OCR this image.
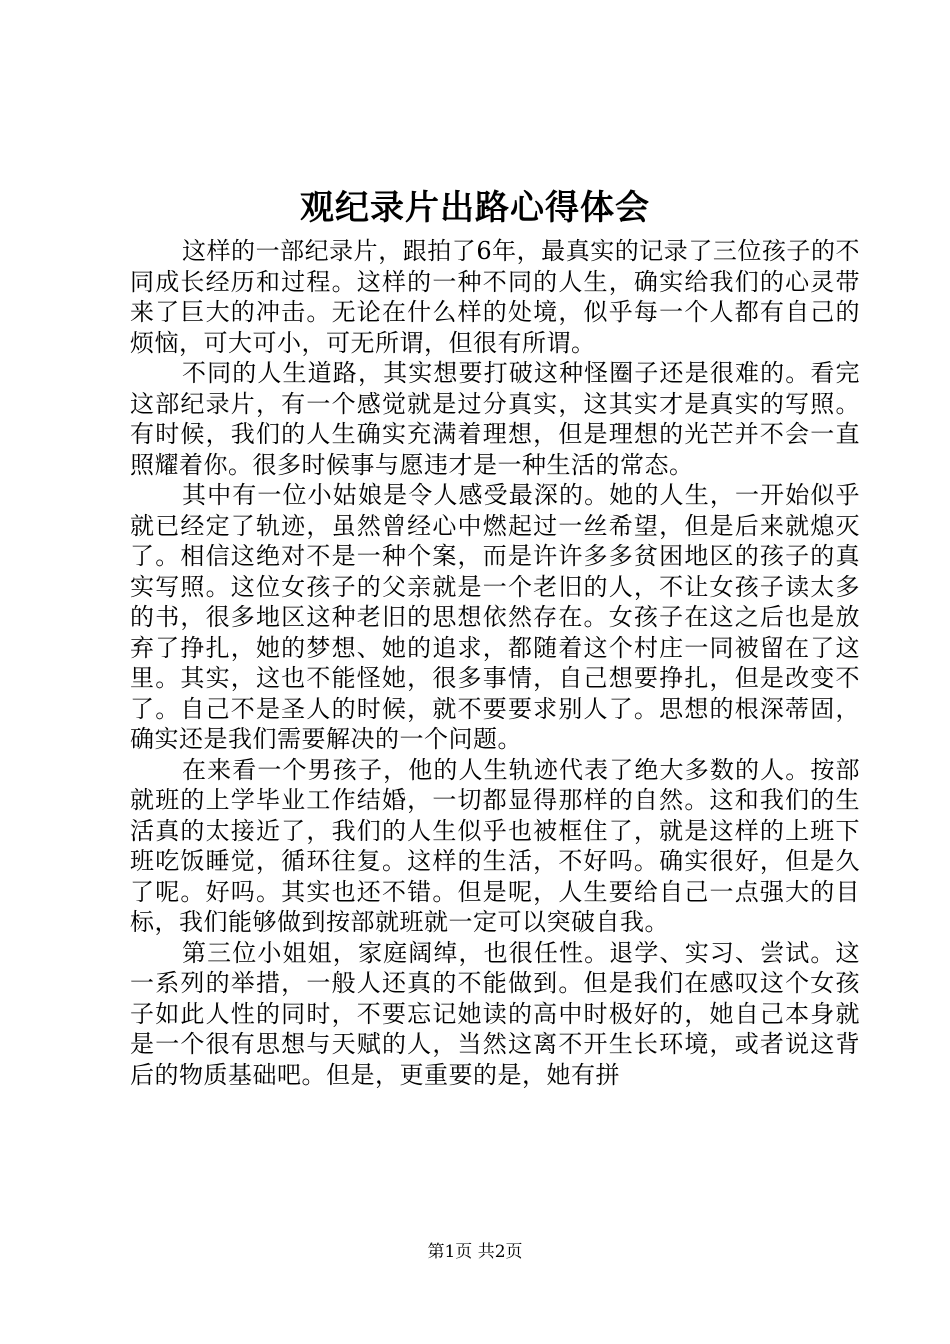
观纪录片出路心得体会

这样的一部纪录片，跟拍了6年，最真实的记录了三位孩子的不同成长经历和过程。这样的一种不同的人生，确实给我们的心灵带来了巨大的冲击。无论在什么样的处境，似乎每一个人都有自己的烦恼，可大可小，可无所谓，但很有所谓。

不同的人生道路，其实想要打破这种怪圈子还是很难的。看完这部纪录片，有一个感觉就是过分真实，这其实才是真实的写照。有时候，我们的人生确实充满着理想，但是理想的光芒并不会一直照耀着你。很多时候事与愿违才是一种生活的常态。

其中有一位小姑娘是令人感受最深的。她的人生，一开始似乎就已经定了轨迹，虽然曾经心中燃起过一丝希望，但是后来就熄灭了。相信这绝对不是一种个案，而是许许多多贫困地区的孩子的真实写照。这位女孩子的父亲就是一个老旧的人，不让女孩子读太多的书，很多地区这种老旧的思想依然存在。女孩子在这之后也是放弃了挣扎，她的梦想、她的追求，都随着这个村庄一同被留在了这里。其实，这也不能怪她，很多事情，自己想要挣扎，但是改变不了。自己不是圣人的时候，就不要要求别人了。思想的根深蒂固，确实还是我们需要解决的一个问题。

在来看一个男孩子，他的人生轨迹代表了绝大多数的人。按部就班的上学毕业工作结婚，一切都显得那样的自然。这和我们的生活真的太接近了，我们的人生似乎也被框住了，就是这样的上班下班吃饭睡觉，循环往复。这样的生活，不好吗。确实很好，但是久了呢。好吗。其实也还不错。但是呢，人生要给自己一点强大的目标，我们能够做到按部就班就一定可以突破自我。

第三位小姐姐，家庭阔绰，也很任性。退学、实习、尝试。这一系列的举措，一般人还真的不能做到。但是我们在感叹这个女孩子如此人性的同时，不要忘记她读的高中时极好的，她自己本身就是一个很有思想与天赋的人，当然这离不开生长环境，或者说这背后的物质基础吧。但是，更重要的是，她有拼

第1页 共2页
